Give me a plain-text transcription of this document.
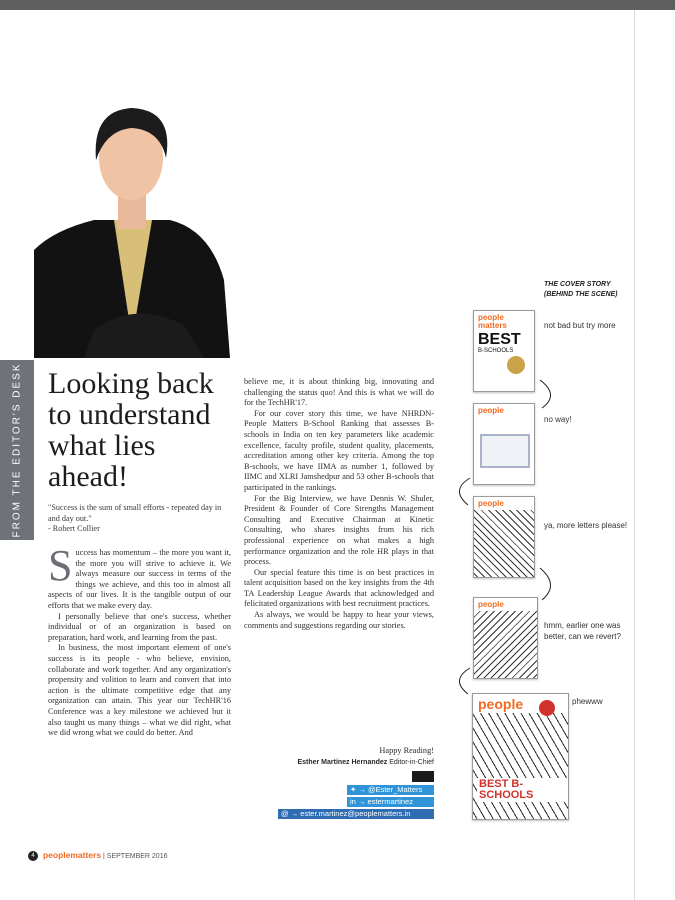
FROM THE EDITOR'S DESK Looking back to understand what lies ahead!
"Success is the sum of small efforts - repeated day in and day out."
- Robert Collier

Success has momentum – the more you want it, the more you will strive to achieve it. We always measure our success in terms of the things we achieve, and this too in almost all aspects of our lives. It is the tangible output of our efforts that we make every day.

I personally believe that one's success, whether individual or of an organization is based on preparation, hard work, and learning from the past.

In business, the most important element of one's success is its people - who believe, envision, collaborate and work together. And any organization's propensity and volition to learn and convert that into action is the ultimate competitive edge that any organization can attain. This year our TechHR'16 Conference was a key milestone we achieved but it also taught us many things – what we did right, what we did wrong what we could do better. And

believe me, it is about thinking big, innovating and challenging the status quo! And this is what we will do for the TechHR'17.

For our cover story this time, we have NHRDN-People Matters B-School Ranking that assesses B-schools in India on ten key parameters like academic excellence, faculty profile, student quality, placements, accreditation among other key criteria. Among the top B-schools, we have IIMA as number 1, followed by IIMC and XLRI Jamshedpur and 53 other B-schools that participated in the rankings.

For the Big Interview, we have Dennis W. Shuler, President & Founder of Core Strengths Management Consulting and Executive Chairman at Kinetic Consulting, who shares insights from his rich professional experience on what makes a high performance organization and the role HR plays in that process.

Our special feature this time is on best practices in talent acquisition based on the key insights from the 4th TA Leadership League Awards that acknowledged and felicitated organizations with best recruitment practices.

As always, we would be happy to hear your views, comments and suggestions regarding our stories.

Happy Reading!
Esther Martínez Hernandez Editor-in-Chief
✦ → @Ester_Matters
in → estermartinez
@ → ester.martinez@peoplematters.in
4 peoplematters | SEPTEMBER 2016
THE COVER STORY (BEHIND THE SCENE)
people matters
BEST
B-SCHOOLS
people
people
people
people
BEST B-SCHOOLS
not bad but try more
no way!
ya, more letters please!
hmm, earlier one was better, can we revert?
phewww
